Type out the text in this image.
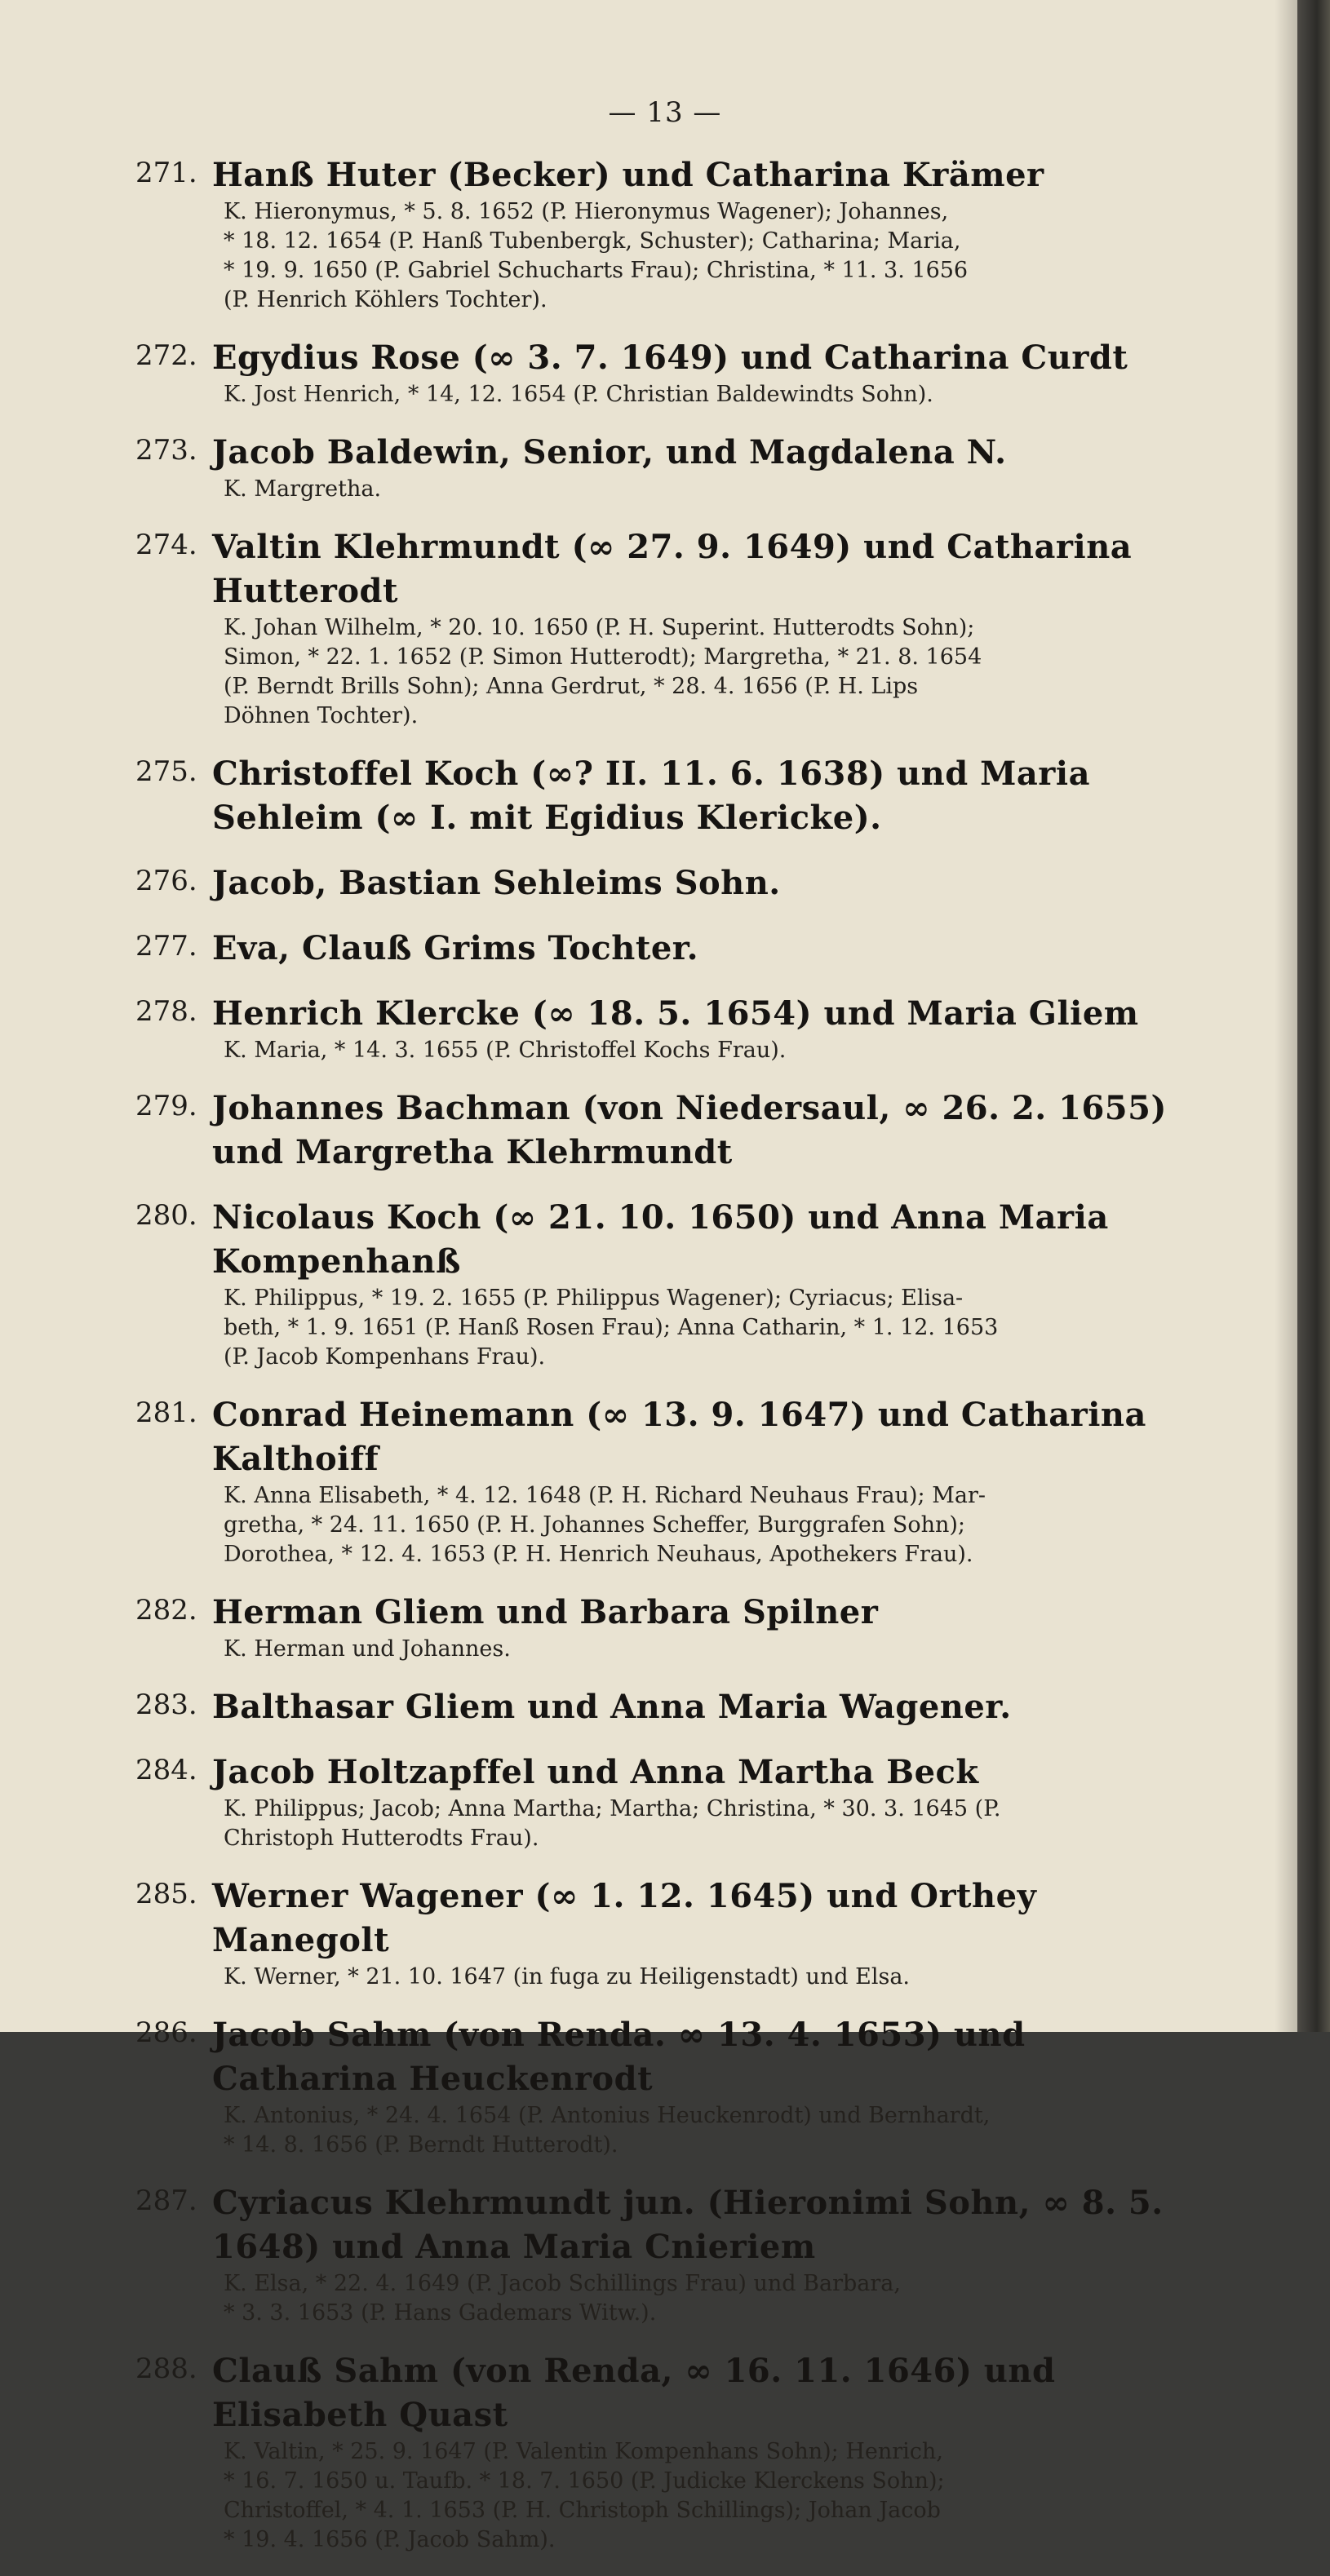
— 13 —
271. Hanß Huter (Becker) und Catharina Krämer
K. Hieronymus, * 5. 8. 1652 (P. Hieronymus Wagener); Johannes,
* 18. 12. 1654 (P. Hanß Tubenbergk, Schuster); Catharina; Maria,
* 19. 9. 1650 (P. Gabriel Schucharts Frau); Christina, * 11. 3. 1656
(P. Henrich Köhlers Tochter).
272. Egydius Rose (∞ 3. 7. 1649) und Catharina Curdt
K. Jost Henrich, * 14, 12. 1654 (P. Christian Baldewindts Sohn).
273. Jacob Baldewin, Senior, und Magdalena N.
K. Margretha.
274. Valtin Klehrmundt (∞ 27. 9. 1649) und Catharina Hutterodt
K. Johan Wilhelm, * 20. 10. 1650 (P. H. Superint. Hutterodts Sohn);
Simon, * 22. 1. 1652 (P. Simon Hutterodt); Margretha, * 21. 8. 1654
(P. Berndt Brills Sohn); Anna Gerdrut, * 28. 4. 1656 (P. H. Lips
Döhnen Tochter).
275. Christoffel Koch (∞? II. 11. 6. 1638) und Maria Sehleim (∞ I. mit Egidius Klericke).
276. Jacob, Bastian Sehleims Sohn.
277. Eva, Clauß Grims Tochter.
278. Henrich Klercke (∞ 18. 5. 1654) und Maria Gliem
K. Maria, * 14. 3. 1655 (P. Christoffel Kochs Frau).
279. Johannes Bachman (von Niedersaul, ∞ 26. 2. 1655) und Margretha Klehrmundt
280. Nicolaus Koch (∞ 21. 10. 1650) und Anna Maria Kompenhanß
K. Philippus, * 19. 2. 1655 (P. Philippus Wagener); Cyriacus; Elisa-
beth, * 1. 9. 1651 (P. Hanß Rosen Frau); Anna Catharin, * 1. 12. 1653
(P. Jacob Kompenhans Frau).
281. Conrad Heinemann (∞ 13. 9. 1647) und Catharina Kalthoiff
K. Anna Elisabeth, * 4. 12. 1648 (P. H. Richard Neuhaus Frau); Mar-
gretha, * 24. 11. 1650 (P. H. Johannes Scheffer, Burggrafen Sohn);
Dorothea, * 12. 4. 1653 (P. H. Henrich Neuhaus, Apothekers Frau).
282. Herman Gliem und Barbara Spilner
K. Herman und Johannes.
283. Balthasar Gliem und Anna Maria Wagener.
284. Jacob Holtzapffel und Anna Martha Beck
K. Philippus; Jacob; Anna Martha; Martha; Christina, * 30. 3. 1645 (P.
Christoph Hutterodts Frau).
285. Werner Wagener (∞ 1. 12. 1645) und Orthey Manegolt
K. Werner, * 21. 10. 1647 (in fuga zu Heiligenstadt) und Elsa.
286. Jacob Sahm (von Renda. ∞ 13. 4. 1653) und Catharina Heuckenrodt
K. Antonius, * 24. 4. 1654 (P. Antonius Heuckenrodt) und Bernhardt,
* 14. 8. 1656 (P. Berndt Hutterodt).
287. Cyriacus Klehrmundt jun. (Hieronimi Sohn, ∞ 8. 5. 1648) und Anna Maria Cnieriem
K. Elsa, * 22. 4. 1649 (P. Jacob Schillings Frau) und Barbara,
* 3. 3. 1653 (P. Hans Gademars Witw.).
288. Clauß Sahm (von Renda, ∞ 16. 11. 1646) und Elisabeth Quast
K. Valtin, * 25. 9. 1647 (P. Valentin Kompenhans Sohn); Henrich,
* 16. 7. 1650 u. Taufb. * 18. 7. 1650 (P. Judicke Klerckens Sohn);
Christoffel, * 4. 1. 1653 (P. H. Christoph Schillings); Johan Jacob
* 19. 4. 1656 (P. Jacob Sahm).
